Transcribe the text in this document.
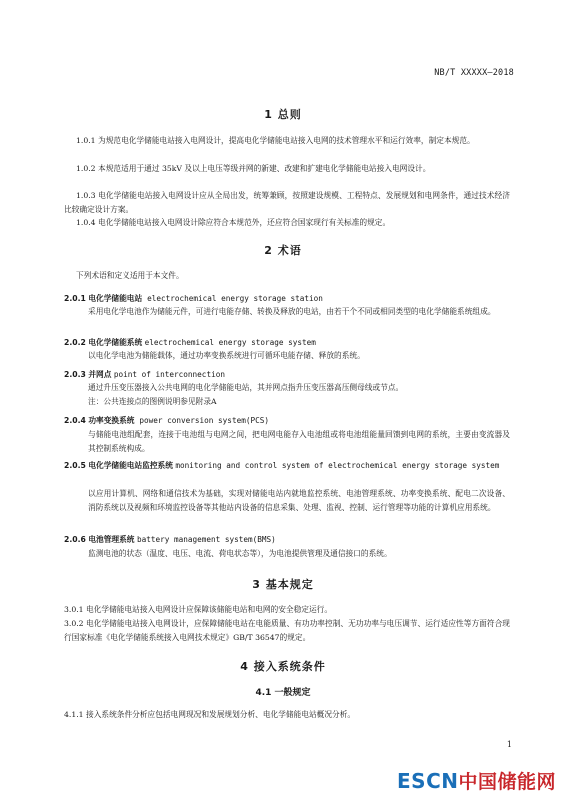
NB/T XXXXX—2018
1 总则
1.0.1 为规范电化学储能电站接入电网设计，提高电化学储能电站接入电网的技术管理水平和运行效率，制定本规范。
1.0.2 本规范适用于通过 35kV 及以上电压等级并网的新建、改建和扩建电化学储能电站接入电网设计。
1.0.3 电化学储能电站接入电网设计应从全局出发，统筹兼顾，按照建设规模、工程特点、发展规划和电网条件，通过技术经济比较确定设计方案。
1.0.4 电化学储能电站接入电网设计除应符合本规范外，还应符合国家现行有关标准的规定。
2 术语
下列术语和定义适用于本文件。
2.0.1 电化学储能电站 electrochemical energy storage station
采用电化学电池作为储能元件，可进行电能存储、转换及释放的电站，由若干个不同或相同类型的电化学储能系统组成。
2.0.2 电化学储能系统 electrochemical energy storage system
以电化学电池为储能载体，通过功率变换系统进行可循环电能存储、释放的系统。
2.0.3 并网点 point of interconnection
通过升压变压器接入公共电网的电化学储能电站，其并网点指升压变压器高压侧母线或节点。
注：公共连接点的图例说明参见附录A
2.0.4 功率变换系统 power conversion system(PCS)
与储能电池组配套，连接于电池组与电网之间，把电网电能存入电池组或将电池组能量回馈到电网的系统，主要由变流器及其控制系统构成。
2.0.5 电化学储能电站监控系统 monitoring and control system of electrochemical energy storage system
以应用计算机、网络和通信技术为基础，实现对储能电站内就地监控系统、电池管理系统、功率变换系统、配电二次设备、消防系统以及视频和环境监控设备等其他站内设备的信息采集、处理、监视、控制、运行管理等功能的计算机应用系统。
2.0.6 电池管理系统 battery management system(BMS)
监测电池的状态（温度、电压、电流、荷电状态等），为电池提供管理及通信接口的系统。
3 基本规定
3.0.1 电化学储能电站接入电网设计应保障该储能电站和电网的安全稳定运行。
3.0.2 电化学储能电站接入电网设计，应保障储能电站在电能质量、有功功率控制、无功功率与电压调节、运行适应性等方面符合现行国家标准《电化学储能系统接入电网技术规定》GB/T 36547的规定。
4 接入系统条件
4.1 一般规定
4.1.1 接入系统条件分析应包括电网现况和发展规划分析、电化学储能电站概况分析。
1
ESCN中国储能网
